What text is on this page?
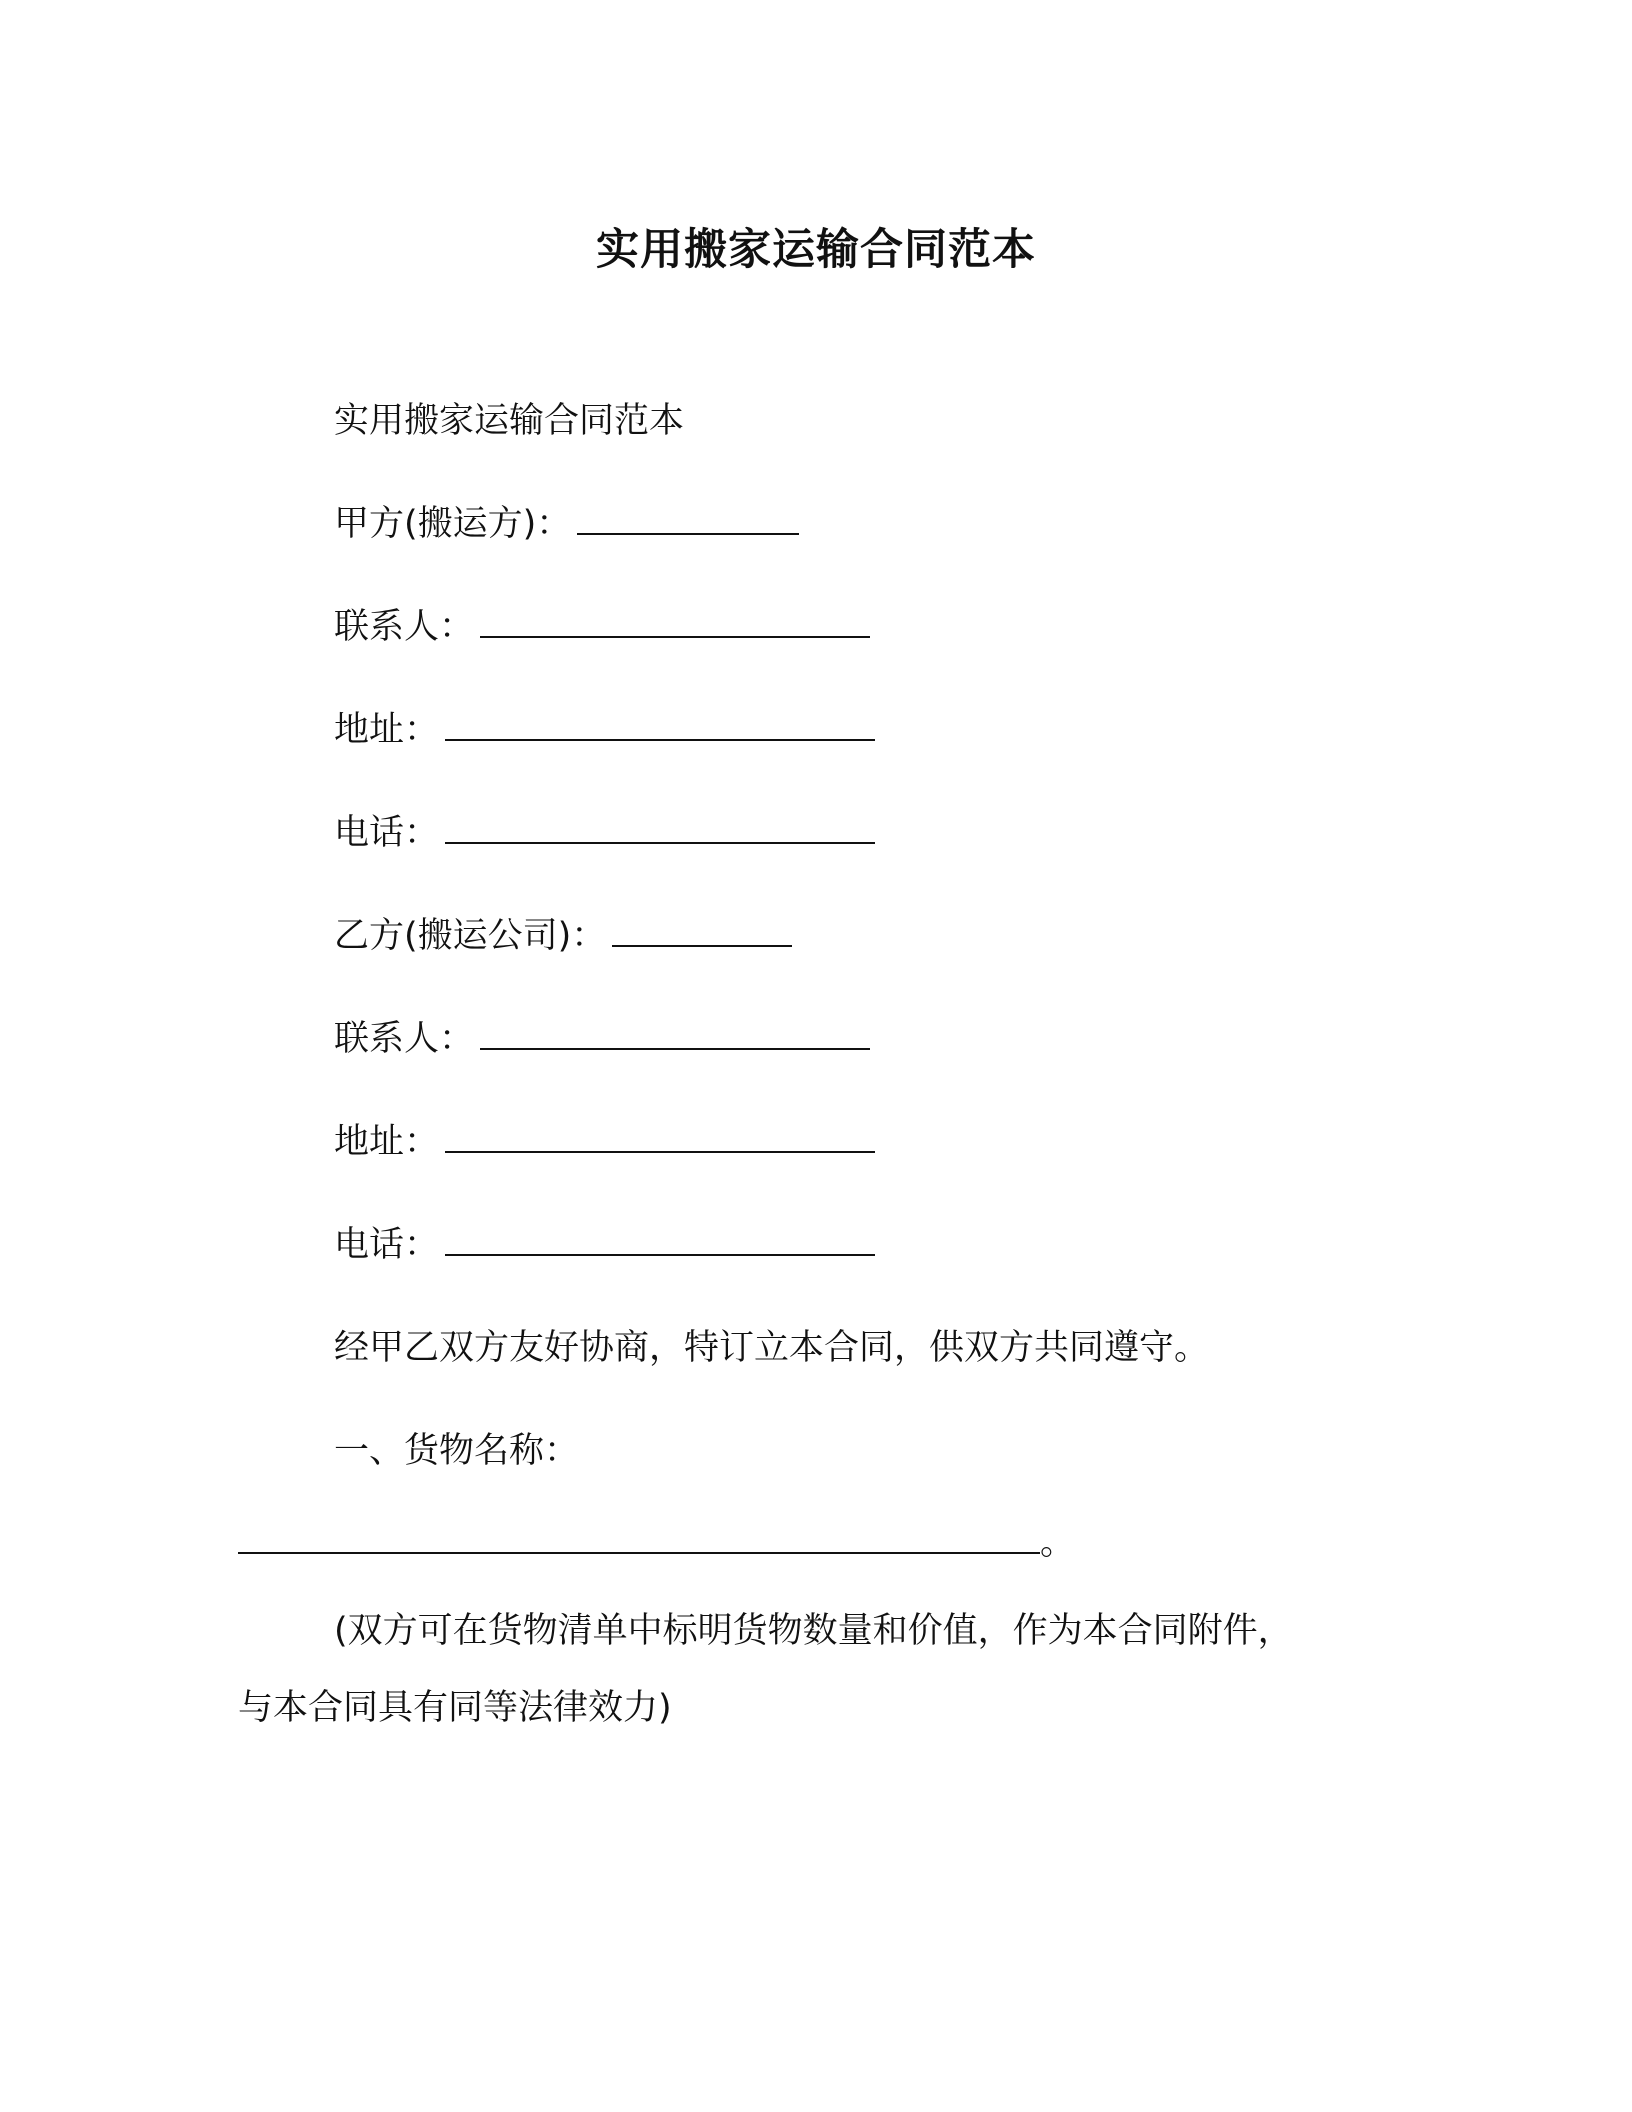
实用搬家运输合同范本
实用搬家运输合同范本
甲方(搬运方)：
联系人：
地址：
电话：
乙方(搬运公司)：
联系人：
地址：
电话：
经甲乙双方友好协商，特订立本合同，供双方共同遵守。
一、货物名称：
。
(双方可在货物清单中标明货物数量和价值，作为本合同附件，
与本合同具有同等法律效力)
